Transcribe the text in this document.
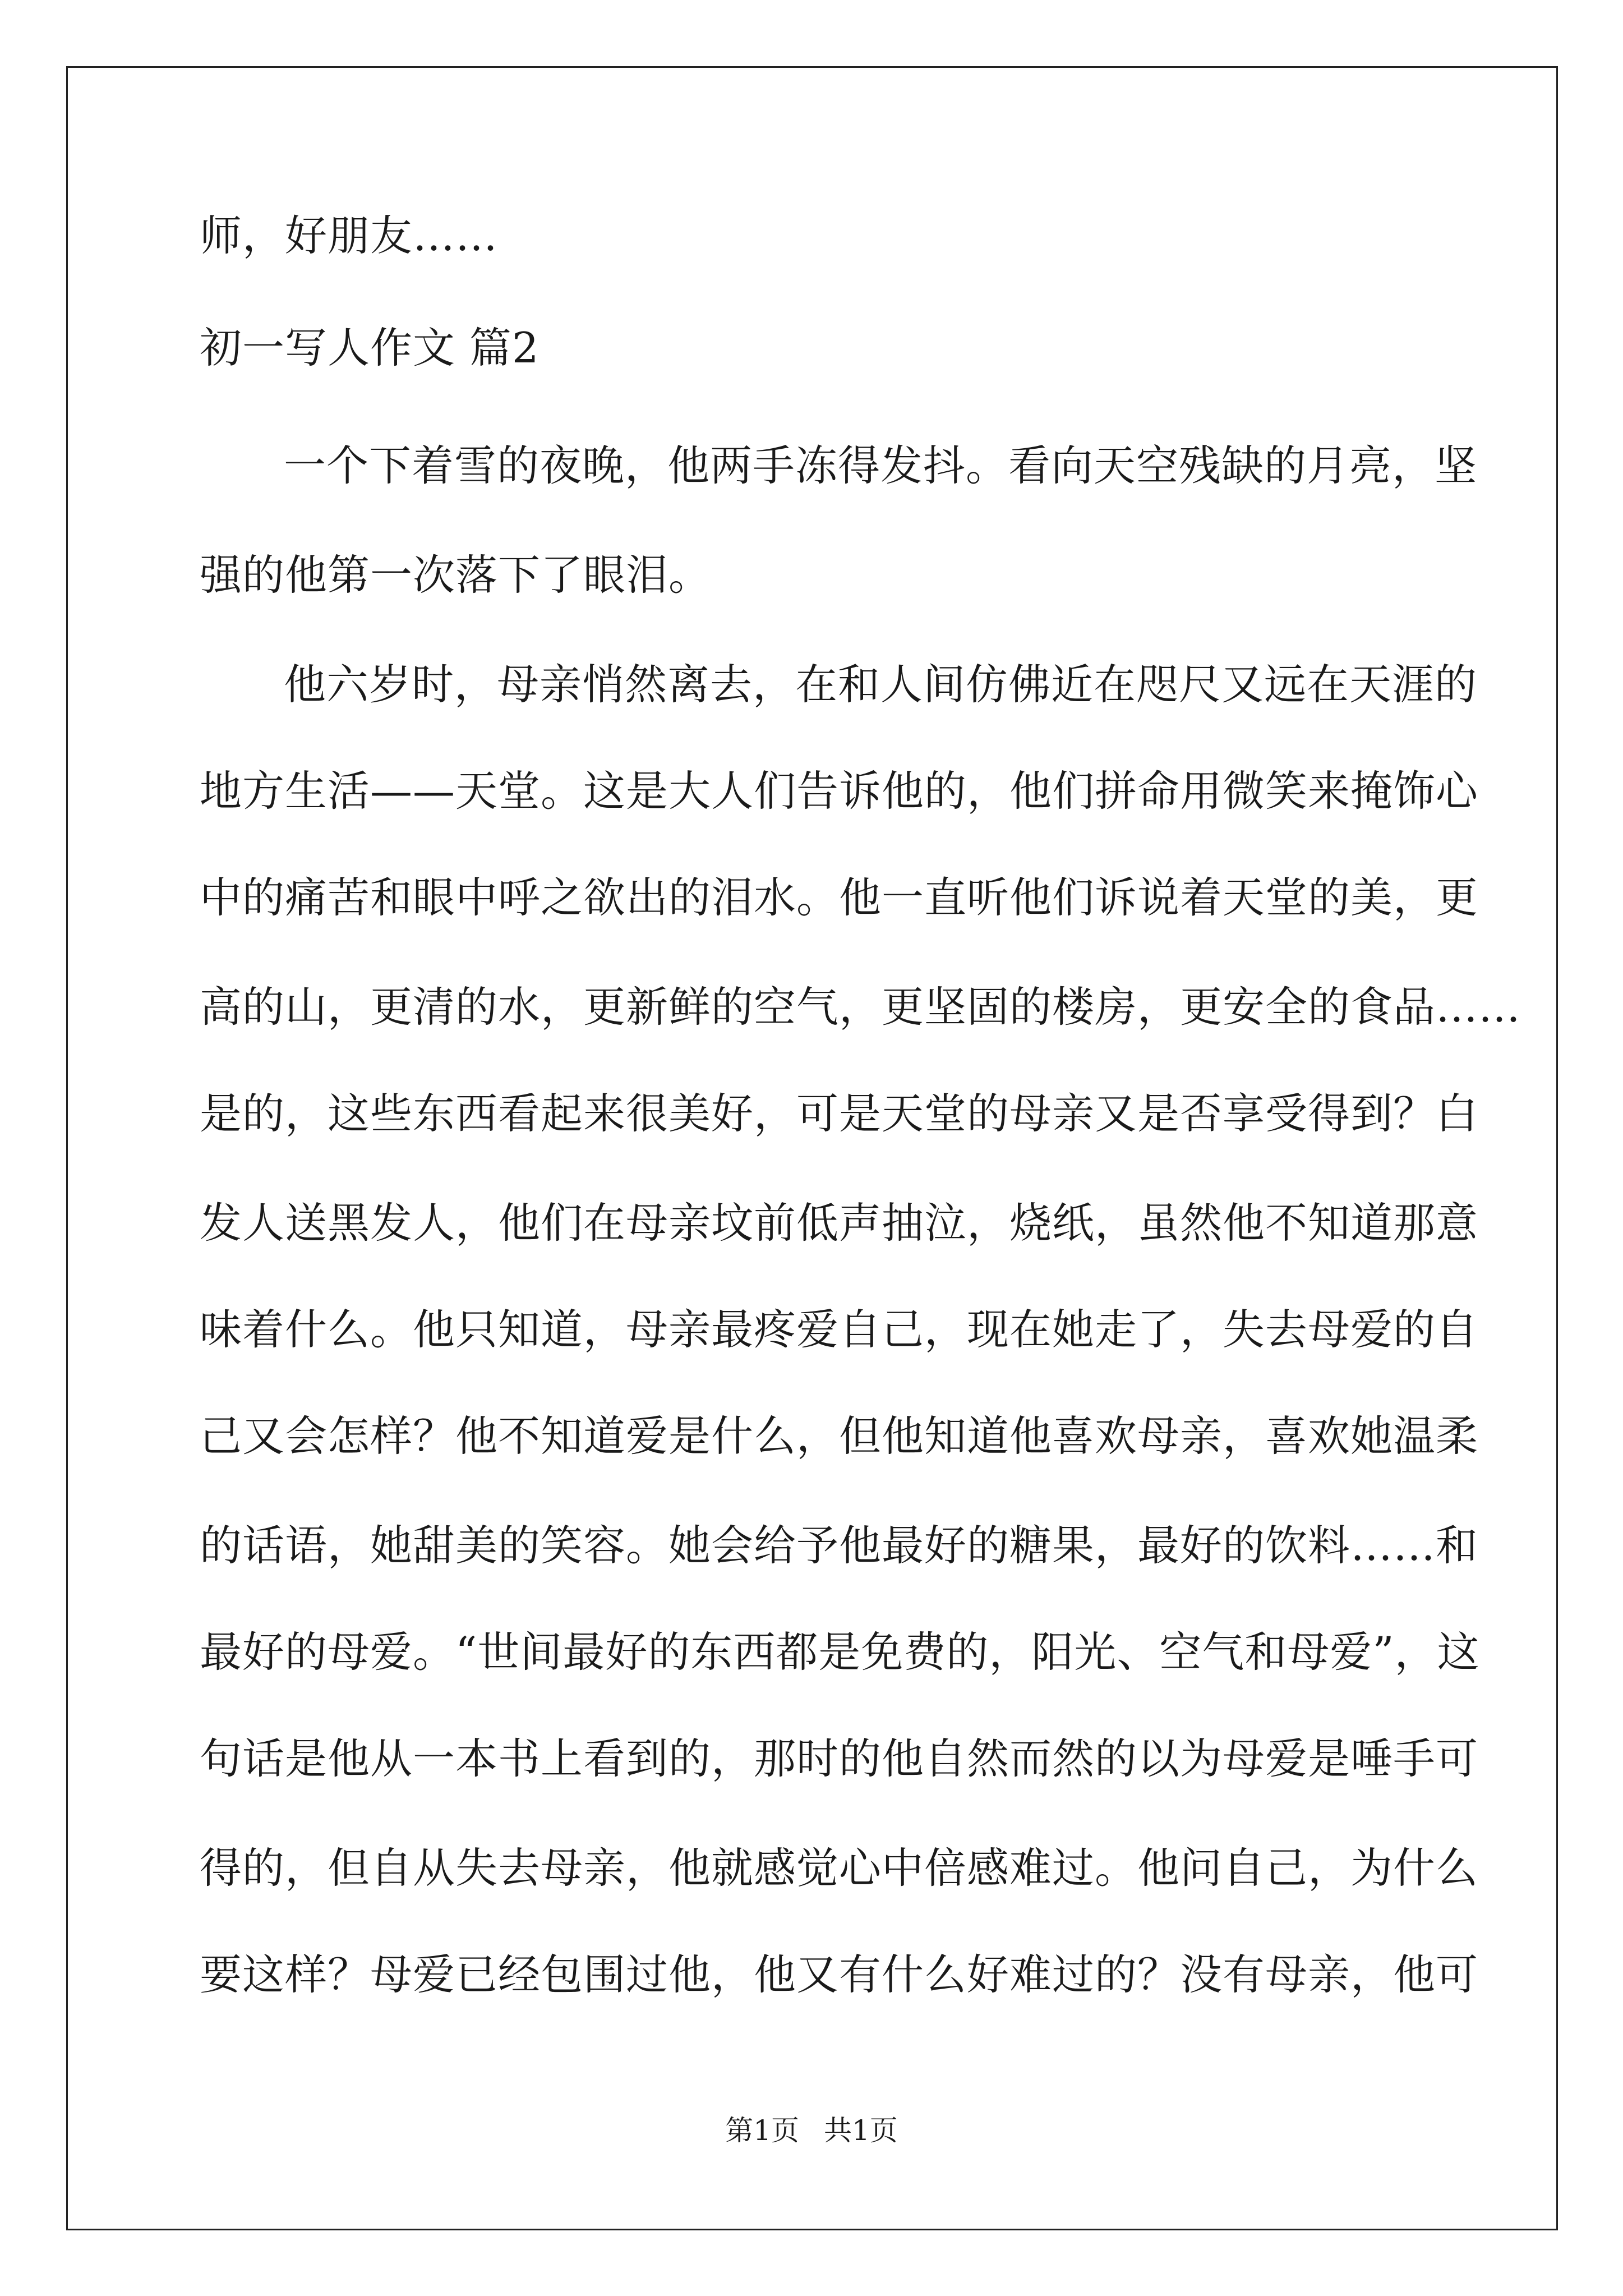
师，好朋友……
初一写人作文 篇2
一个下着雪的夜晚，他两手冻得发抖。看向天空残缺的月亮，坚
强的他第一次落下了眼泪。
他六岁时，母亲悄然离去，在和人间仿佛近在咫尺又远在天涯的
地方生活——天堂。这是大人们告诉他的，他们拼命用微笑来掩饰心
中的痛苦和眼中呼之欲出的泪水。他一直听他们诉说着天堂的美，更
高的山，更清的水，更新鲜的空气，更坚固的楼房，更安全的食品……
是的，这些东西看起来很美好，可是天堂的母亲又是否享受得到？白
发人送黑发人，他们在母亲坟前低声抽泣，烧纸，虽然他不知道那意
味着什么。他只知道，母亲最疼爱自己，现在她走了，失去母爱的自
己又会怎样？他不知道爱是什么，但他知道他喜欢母亲，喜欢她温柔
的话语，她甜美的笑容。她会给予他最好的糖果，最好的饮料……和
最好的母爱。“世间最好的东西都是免费的，阳光、空气和母爱”，这
句话是他从一本书上看到的，那时的他自然而然的以为母爱是唾手可
得的，但自从失去母亲，他就感觉心中倍感难过。他问自己，为什么
要这样？母爱已经包围过他，他又有什么好难过的？没有母亲，他可
第1页 共1页
